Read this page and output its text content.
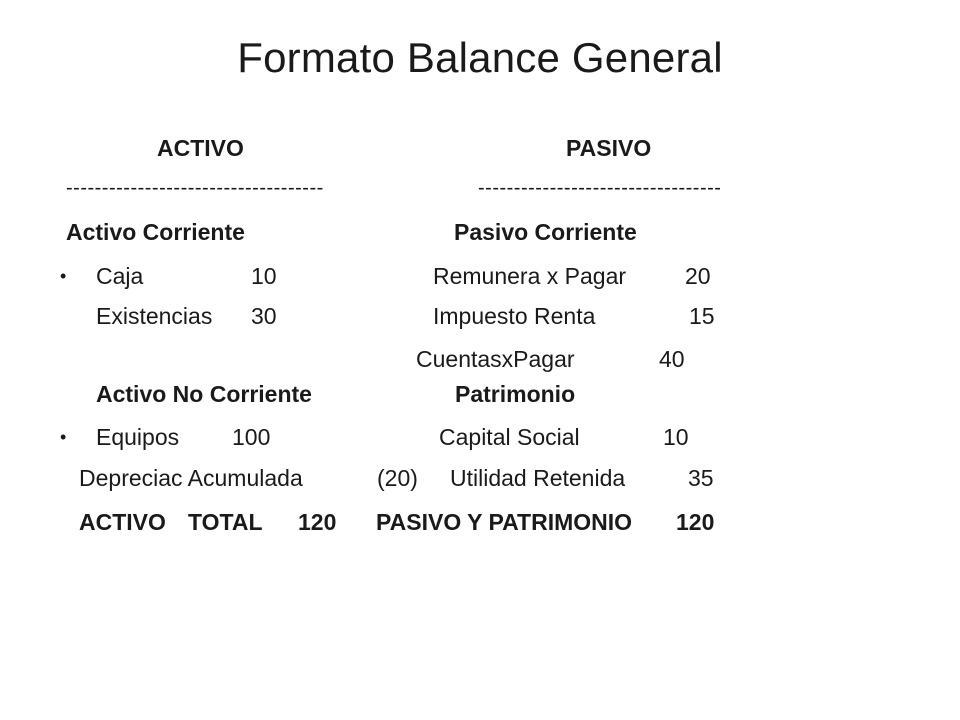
Formato Balance General
ACTIVO	PASIVO
------------------------------------	----------------------------------
Activo Corriente	Pasivo Corriente
• Caja	10	Remunera x Pagar	20
Existencias 30	Impuesto Renta	15
CuentasxPagar	40
Activo No Corriente	Patrimonio
• Equipos 100	Capital Social	10
Depreciac Acumulada	(20) Utilidad Retenida	35
ACTIVO TOTAL 120 PASIVO Y PATRIMONIO 120
